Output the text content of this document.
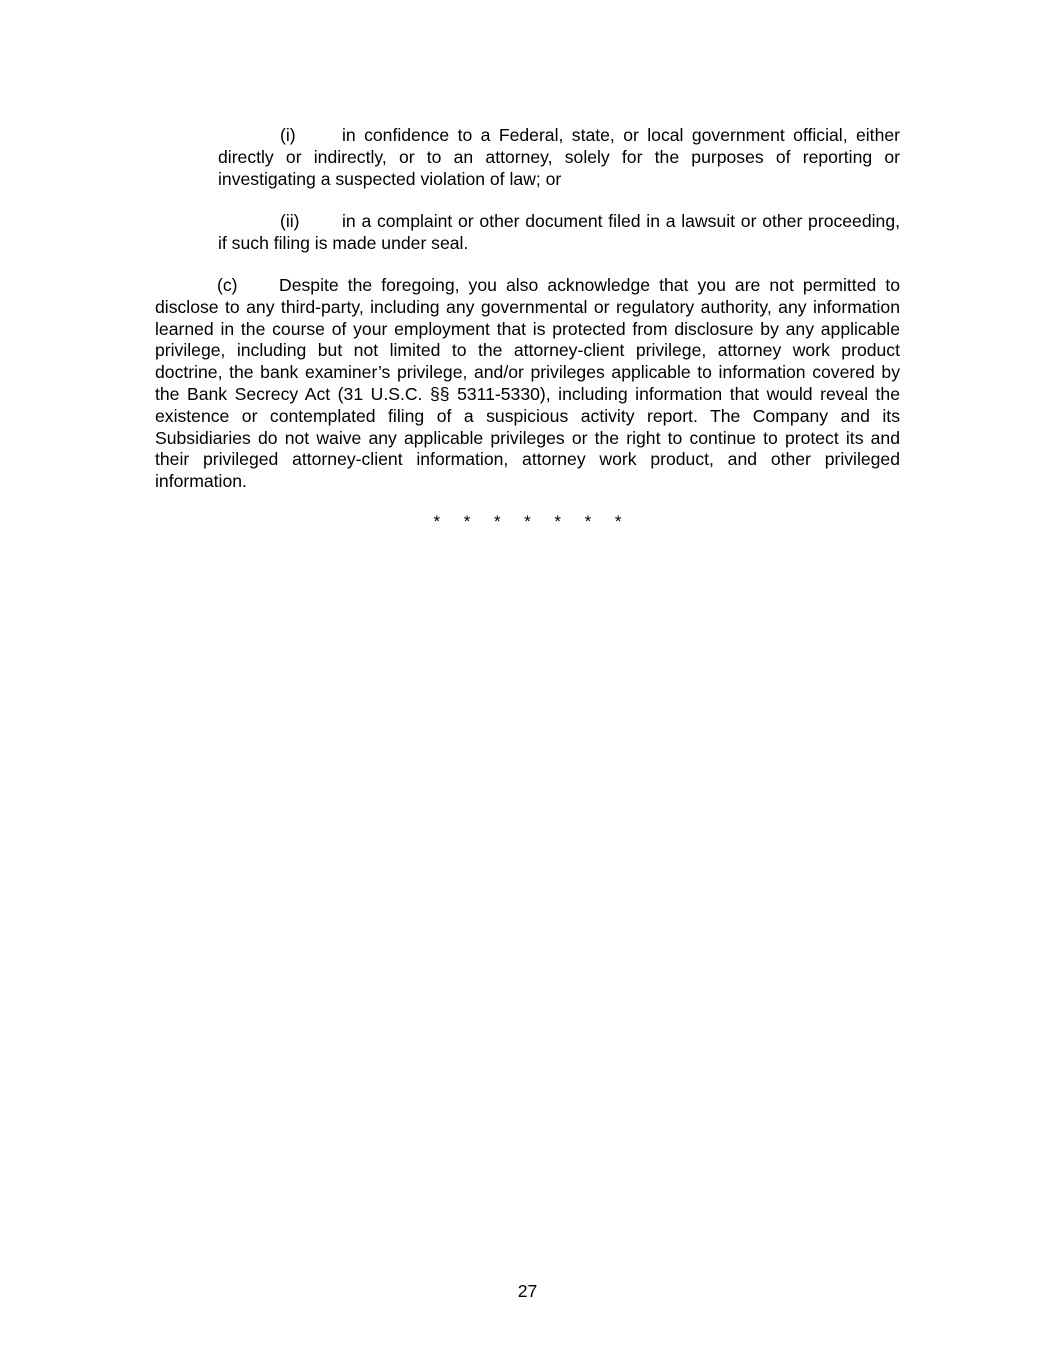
(i)	in confidence to a Federal, state, or local government official, either directly or indirectly, or to an attorney, solely for the purposes of reporting or investigating a suspected violation of law; or
(ii) in a complaint or other document filed in a lawsuit or other proceeding, if such filing is made under seal.
(c) Despite the foregoing, you also acknowledge that you are not permitted to disclose to any third-party, including any governmental or regulatory authority, any information learned in the course of your employment that is protected from disclosure by any applicable privilege, including but not limited to the attorney-client privilege, attorney work product doctrine, the bank examiner’s privilege, and/or privileges applicable to information covered by the Bank Secrecy Act (31 U.S.C. §§ 5311-5330), including information that would reveal the existence or contemplated filing of a suspicious activity report. The Company and its Subsidiaries do not waive any applicable privileges or the right to continue to protect its and their privileged attorney-client information, attorney work product, and other privileged information.
*     *     *     *     *     *     *
27
